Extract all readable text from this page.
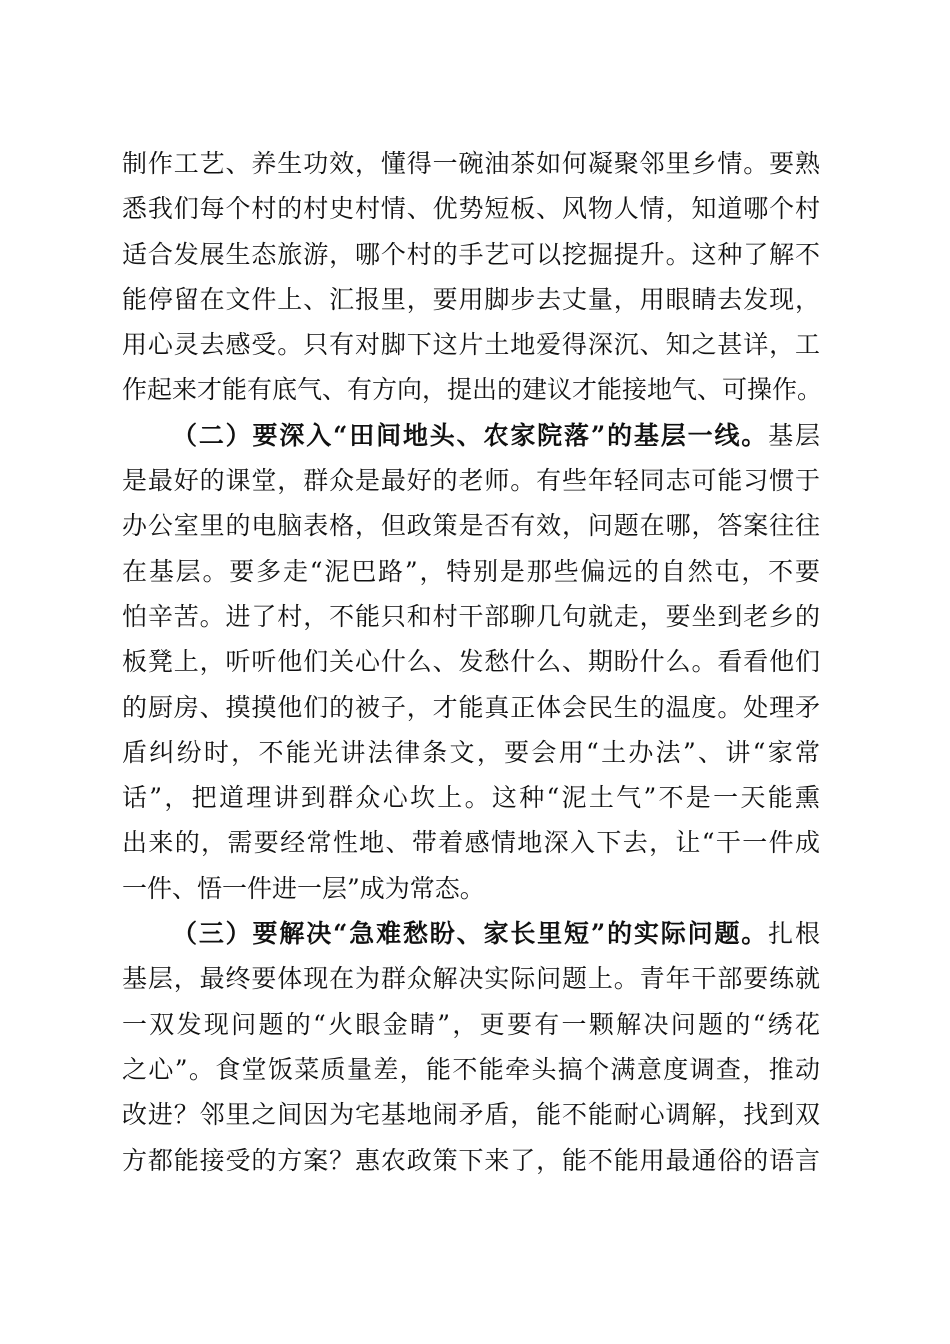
制作工艺、养生功效，懂得一碗油茶如何凝聚邻里乡情。要熟
悉我们每个村的村史村情、优势短板、风物人情，知道哪个村
适合发展生态旅游，哪个村的手艺可以挖掘提升。这种了解不
能停留在文件上、汇报里，要用脚步去丈量，用眼睛去发现，
用心灵去感受。只有对脚下这片土地爱得深沉、知之甚详，工
作起来才能有底气、有方向，提出的建议才能接地气、可操作。
（二）要深入“田间地头、农家院落”的基层一线。基层
是最好的课堂，群众是最好的老师。有些年轻同志可能习惯于
办公室里的电脑表格，但政策是否有效，问题在哪，答案往往
在基层。要多走“泥巴路”，特别是那些偏远的自然屯，不要
怕辛苦。进了村，不能只和村干部聊几句就走，要坐到老乡的
板凳上，听听他们关心什么、发愁什么、期盼什么。看看他们
的厨房、摸摸他们的被子，才能真正体会民生的温度。处理矛
盾纠纷时，不能光讲法律条文，要会用“土办法”、讲“家常
话”，把道理讲到群众心坎上。这种“泥土气”不是一天能熏
出来的，需要经常性地、带着感情地深入下去，让“干一件成
一件、悟一件进一层”成为常态。
（三）要解决“急难愁盼、家长里短”的实际问题。扎根
基层，最终要体现在为群众解决实际问题上。青年干部要练就
一双发现问题的“火眼金睛”，更要有一颗解决问题的“绣花
之心”。食堂饭菜质量差，能不能牵头搞个满意度调查，推动
改进？邻里之间因为宅基地闹矛盾，能不能耐心调解，找到双
方都能接受的方案？惠农政策下来了，能不能用最通俗的语言
